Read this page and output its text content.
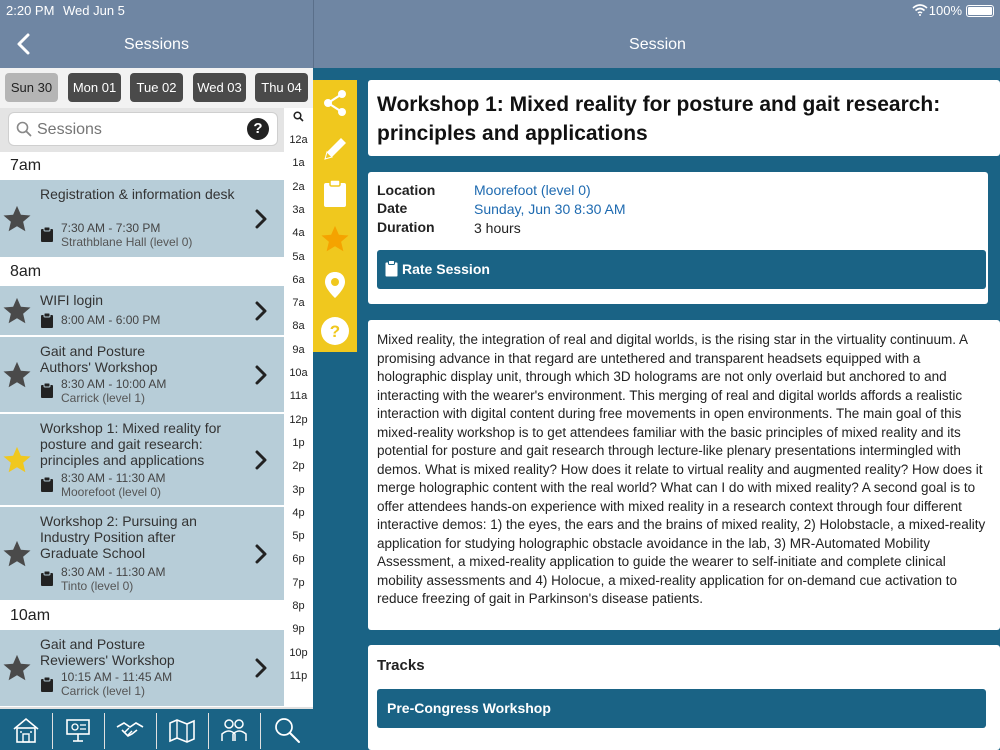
2:20 PM Wed Jun 5
Sessions
Sun 30	Mon 01	Tue 02	Wed 03	Thu 04
Sessions
?
12a
1a
2a
3a
4a
5a
6a
7a
8a
9a
10a
11a
12p
1p
2p
3p
4p
5p
6p
7p
8p
9p
10p
11p
7am
Registration & information desk
7:30 AM - 7:30 PM
Strathblane Hall (level 0)
8am
WIFI login
8:00 AM - 6:00 PM
Gait and Posture Authors' Workshop
8:30 AM - 10:00 AM
Carrick (level 1)
Workshop 1: Mixed reality for posture and gait research: principles and applications
8:30 AM - 11:30 AM
Moorefoot (level 0)
Workshop 2: Pursuing an Industry Position after Graduate School
8:30 AM - 11:30 AM
Tinto (level 0)
10am
Gait and Posture Reviewers' Workshop
10:15 AM - 11:45 AM
Carrick (level 1)
Session
100%
?
Workshop 1: Mixed reality for posture and gait research: principles and applications
Location	Moorefoot (level 0)
Date	Sunday, Jun 30 8:30 AM
Duration	3 hours
Rate Session
Mixed reality, the integration of real and digital worlds, is the rising star in the virtuality continuum. A promising advance in that regard are untethered and transparent headsets equipped with a holographic display unit, through which 3D holograms are not only overlaid but anchored to and interacting with the wearer's environment. This merging of real and digital worlds affords a realistic interaction with digital content during free movements in open environments. The main goal of this mixed-reality workshop is to get attendees familiar with the basic principles of mixed reality and its potential for posture and gait research through lecture-like plenary presentations intermingled with demos. What is mixed reality? How does it relate to virtual reality and augmented reality? How does it merge holographic content with the real world? What can I do with mixed reality? A second goal is to offer attendees hands-on experience with mixed reality in a research context through four different interactive demos: 1) the eyes, the ears and the brains of mixed reality, 2) Holobstacle, a mixed-reality application for studying holographic obstacle avoidance in the lab, 3) MR-Automated Mobility Assessment, a mixed-reality application to guide the wearer to self-initiate and complete clinical mobility assessments and 4) Holocue, a mixed-reality application for on-demand cue activation to reduce freezing of gait in Parkinson's disease patients.
Tracks
Pre-Congress Workshop
